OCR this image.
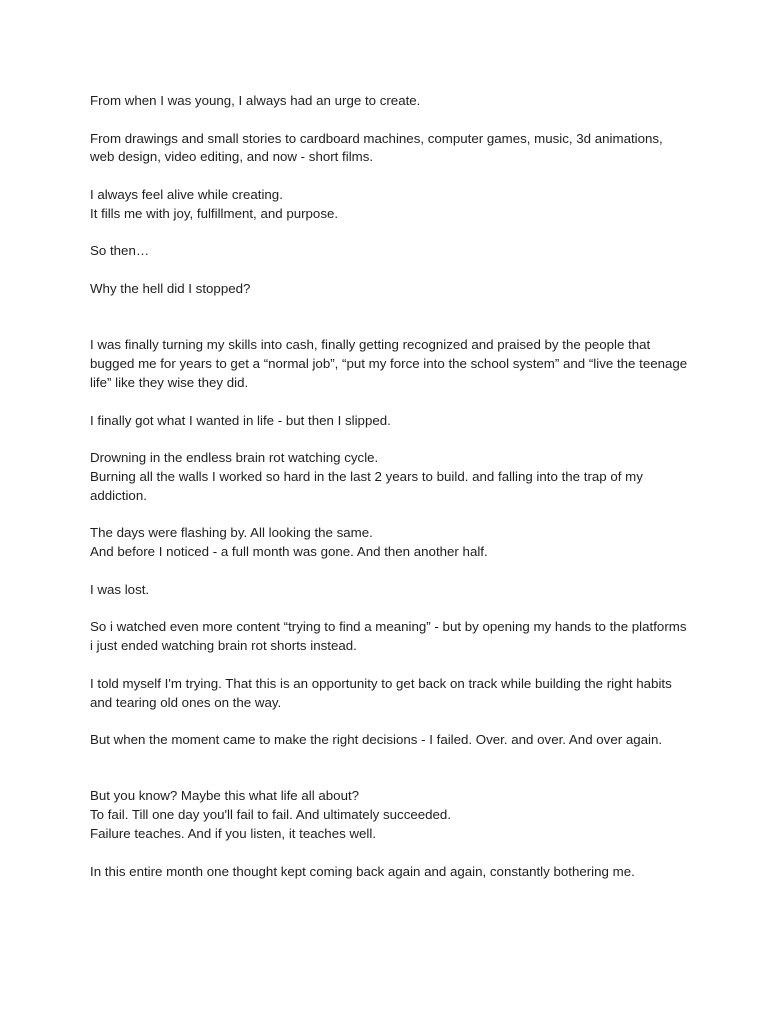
From when I was young, I always had an urge to create.

From drawings and small stories to cardboard machines, computer games, music, 3d animations, web design, video editing, and now - short films.

I always feel alive while creating.
It fills me with joy, fulfillment, and purpose.

So then…

Why the hell did I stopped?

I was finally turning my skills into cash, finally getting recognized and praised by the people that bugged me for years to get a “normal job”, “put my force into the school system” and “live the teenage life” like they wise they did.

I finally got what I wanted in life - but then I slipped.

Drowning in the endless brain rot watching cycle.
Burning all the walls I worked so hard in the last 2 years to build. and falling into the trap of my addiction.

The days were flashing by. All looking the same.
And before I noticed - a full month was gone. And then another half.

I was lost.

So i watched even more content “trying to find a meaning” - but by opening my hands to the platforms i just ended watching brain rot shorts instead.

I told myself I'm trying. That this is an opportunity to get back on track while building the right habits and tearing old ones on the way.

But when the moment came to make the right decisions - I failed. Over. and over. And over again.

But you know? Maybe this what life all about?
To fail. Till one day you'll fail to fail. And ultimately succeeded.
Failure teaches. And if you listen, it teaches well.

In this entire month one thought kept coming back again and again, constantly bothering me.
